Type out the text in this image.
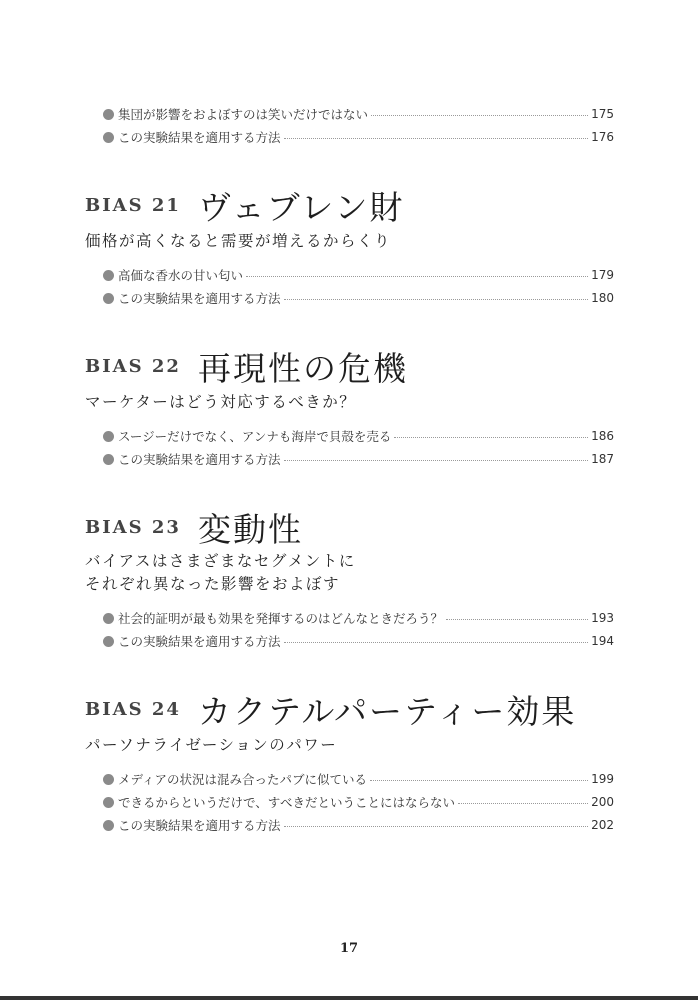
集団が影響をおよぼすのは笑いだけではない	175
この実験結果を適用する方法	176
BIAS 21 ヴェブレン財
価格が高くなると需要が増えるからくり
高価な香水の甘い匂い	179
この実験結果を適用する方法	180
BIAS 22 再現性の危機
マーケターはどう対応するべきか？
スージーだけでなく、アンナも海岸で貝殻を売る	186
この実験結果を適用する方法	187
BIAS 23 変動性
バイアスはさまざまなセグメントに
それぞれ異なった影響をおよぼす
社会的証明が最も効果を発揮するのはどんなときだろう？	193
この実験結果を適用する方法	194
BIAS 24 カクテルパーティー効果
パーソナライゼーションのパワー
メディアの状況は混み合ったパブに似ている	199
できるからというだけで、すべきだということにはならない	200
この実験結果を適用する方法	202
17
